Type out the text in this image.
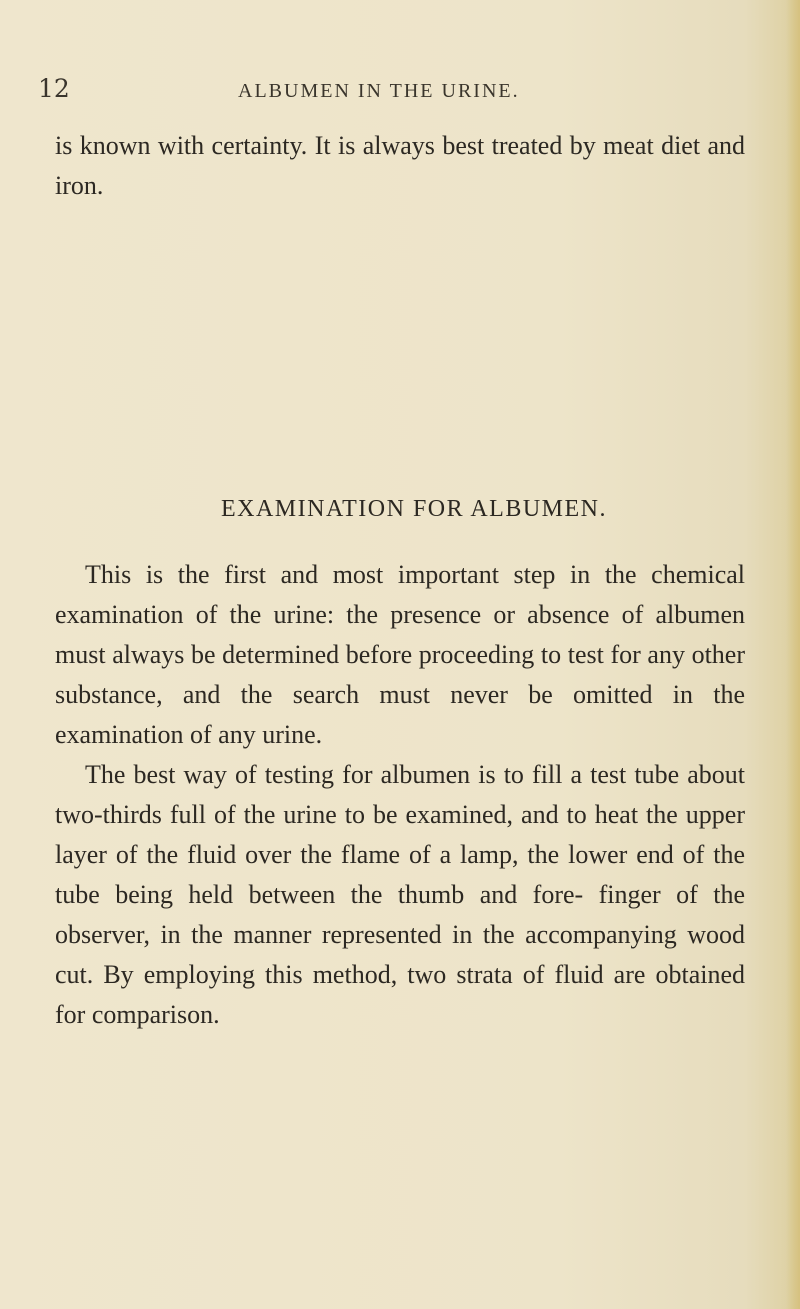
12	ALBUMEN IN THE URINE.

is known with certainty. It is always best treated by meat diet and iron.

EXAMINATION FOR ALBUMEN.

This is the first and most important step in the chemical examination of the urine: the presence or absence of albumen must always be determined before proceeding to test for any other substance, and the search must never be omitted in the examination of any urine.

The best way of testing for albumen is to fill a test tube about two-thirds full of the urine to be examined, and to heat the upper layer of the fluid over the flame of a lamp, the lower end of the tube being held between the thumb and fore- finger of the observer, in the manner represented in the accompanying wood cut. By employing this method, two strata of fluid are obtained for comparison.
